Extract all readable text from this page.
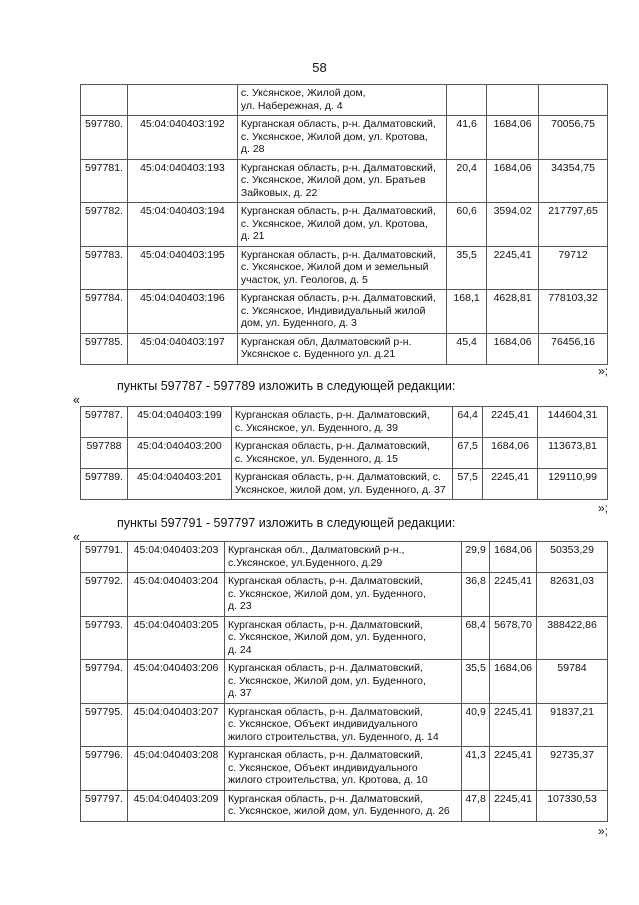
58
		с. Уксянское, Жилой дом,
ул. Набережная, д. 4			
597780.	45:04:040403:192	Курганская область, р-н. Далматовский,
с. Уксянское, Жилой дом, ул. Кротова,
д. 28	41,6	1684,06	70056,75
597781.	45:04:040403:193	Курганская область, р-н. Далматовский,
с. Уксянское, Жилой дом, ул. Братьев
Зайковых, д. 22	20,4	1684,06	34354,75
597782.	45:04:040403:194	Курганская область, р-н. Далматовский,
с. Уксянское, Жилой дом, ул. Кротова,
д. 21	60,6	3594,02	217797,65
597783.	45:04:040403:195	Курганская область, р-н. Далматовский,
с. Уксянское, Жилой дом и земельный
участок, ул. Геологов, д. 5	35,5	2245,41	79712
597784.	45:04:040403:196	Курганская область, р-н. Далматовский,
с. Уксянское, Индивидуальный жилой
дом, ул. Буденного, д. 3	168,1	4628,81	778103,32
597785.	45:04:040403:197	Курганская обл, Далматовский р-н.
Уксянское с. Буденного ул. д.21	45,4	1684,06	76456,16
»;
пункты 597787 - 597789 изложить в следующей редакции:
«
597787.	45:04:040403:199	Курганская область, р-н. Далматовский,
с. Уксянское, ул. Буденного, д. 39	64,4	2245,41	144604,31
597788	45:04:040403:200	Курганская область, р-н. Далматовский,
с. Уксянское, ул. Буденного, д. 15	67,5	1684,06	113673,81
597789.	45:04:040403:201	Курганская область, р-н. Далматовский, с.
Уксянское, жилой дом, ул. Буденного, д. 37	57,5	2245,41	129110,99
»;
пункты 597791 - 597797 изложить в следующей редакции:
«
597791.	45:04:040403:203	Курганская обл., Далматовский р-н.,
с.Уксянское, ул.Буденного, д.29	29,9	1684,06	50353,29
597792.	45:04:040403:204	Курганская область, р-н. Далматовский,
с. Уксянское, Жилой дом, ул. Буденного,
д. 23	36,8	2245,41	82631,03
597793.	45:04:040403:205	Курганская область, р-н. Далматовский,
с. Уксянское, Жилой дом, ул. Буденного,
д. 24	68,4	5678,70	388422,86
597794.	45:04:040403:206	Курганская область, р-н. Далматовский,
с. Уксянское, Жилой дом, ул. Буденного,
д. 37	35,5	1684,06	59784
597795.	45:04:040403:207	Курганская область, р-н. Далматовский,
с. Уксянское, Объект индивидуального
жилого строительства, ул. Буденного, д. 14	40,9	2245,41	91837,21
597796.	45:04:040403:208	Курганская область, р-н. Далматовский,
с. Уксянское, Объект индивидуального
жилого строительства, ул. Кротова, д. 10	41,3	2245,41	92735,37
597797.	45:04:040403:209	Курганская область, р-н. Далматовский,
с. Уксянское, жилой дом, ул. Буденного, д. 26	47,8	2245,41	107330,53
»;
